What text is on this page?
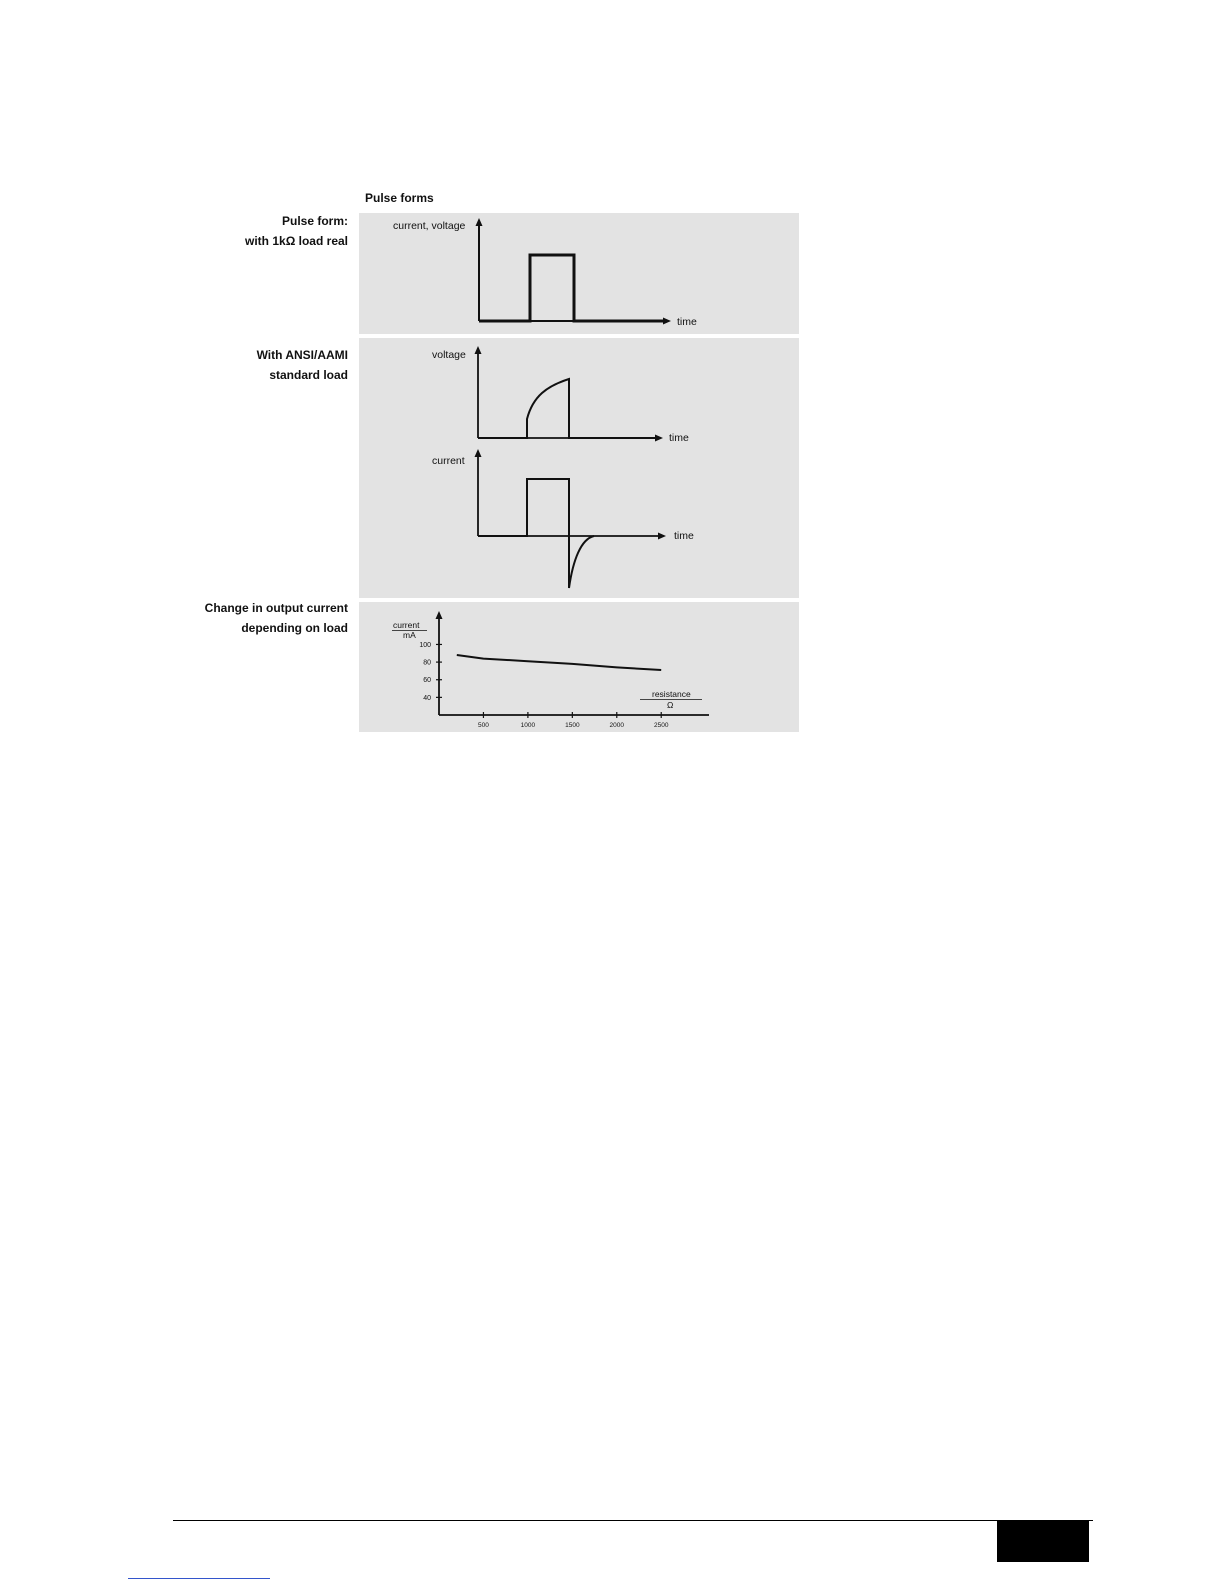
Pulse forms
Pulse form:
with 1kΩ load real
With ANSI/AAMI
standard load
Change in output current
depending on load
current, voltage
time
voltage
time
current
time
current
mA
resistance
Ω
500	1000	1500	2000	2500
40
60
80
100
